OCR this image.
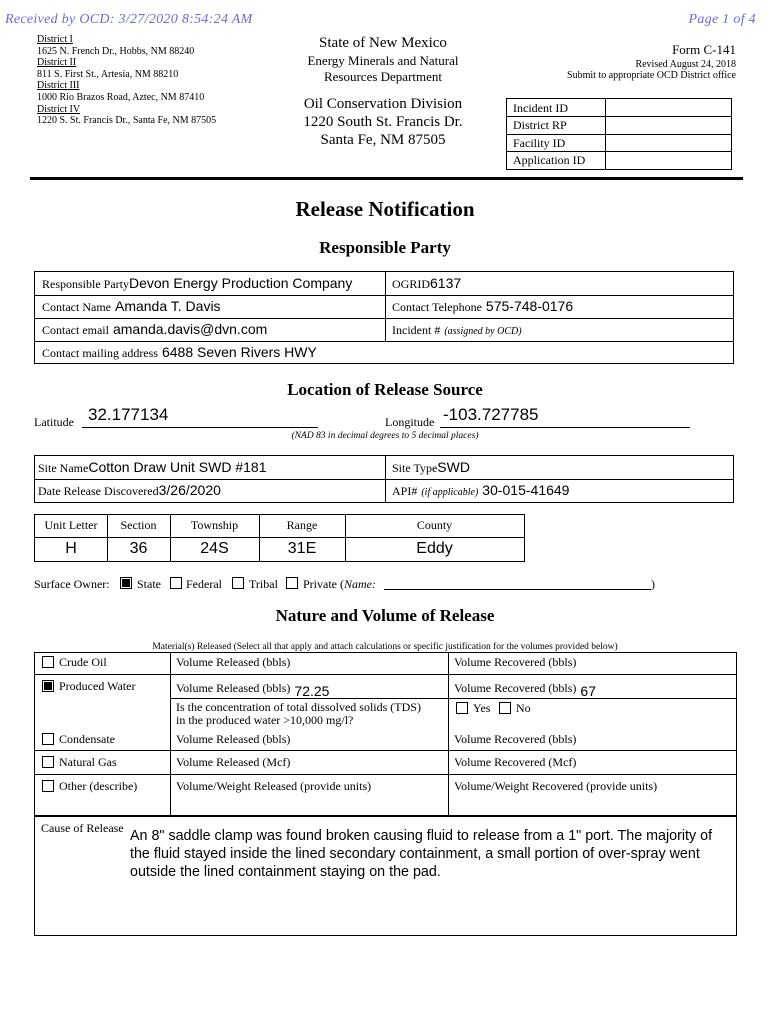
Received by OCD: 3/27/2020 8:54:24 AM	Page 1 of 4
District I
1625 N. French Dr., Hobbs, NM 88240
District II
811 S. First St., Artesia, NM 88210
District III
1000 Rio Brazos Road, Aztec, NM 87410
District IV
1220 S. St. Francis Dr., Santa Fe, NM 87505
State of New Mexico
Energy Minerals and Natural
Resources Department
Oil Conservation Division
1220 South St. Francis Dr.
Santa Fe, NM 87505
Form C-141
Revised August 24, 2018
Submit to appropriate OCD District office
Incident ID
District RP
Facility ID
Application ID
Release Notification
Responsible Party
Responsible PartyDevon Energy Production Company	OGRID6137
Contact Name Amanda T. Davis	Contact Telephone 575-748-0176
Contact email amanda.davis@dvn.com	Incident # (assigned by OCD)
Contact mailing address 6488 Seven Rivers HWY
Location of Release Source
Latitude 32.177134	Longitude -103.727785
(NAD 83 in decimal degrees to 5 decimal places)
Site NameCotton Draw Unit SWD #181	Site TypeSWD
Date Release Discovered3/26/2020	API# (if applicable) 30-015-41649
Unit Letter	Section	Township	Range	County
H	36	24S	31E	Eddy
Surface Owner: State Federal Tribal Private (Name:	)
Nature and Volume of Release
Material(s) Released (Select all that apply and attach calculations or specific justification for the volumes provided below)
Crude Oil	Volume Released (bbls)	Volume Recovered (bbls)
Produced Water	Volume Released (bbls) 72.25	Volume Recovered (bbls) 67
Is the concentration of total dissolved solids (TDS)
in the produced water >10,000 mg/l?
Yes No
Condensate	Volume Released (bbls)	Volume Recovered (bbls)
Natural Gas	Volume Released (Mcf)	Volume Recovered (Mcf)
Other (describe)	Volume/Weight Released (provide units)	Volume/Weight Recovered (provide units)
Cause of Release An 8" saddle clamp was found broken causing fluid to release from a 1" port. The majority of the fluid stayed inside the lined secondary containment, a small portion of over-spray went outside the lined containment staying on the pad.
